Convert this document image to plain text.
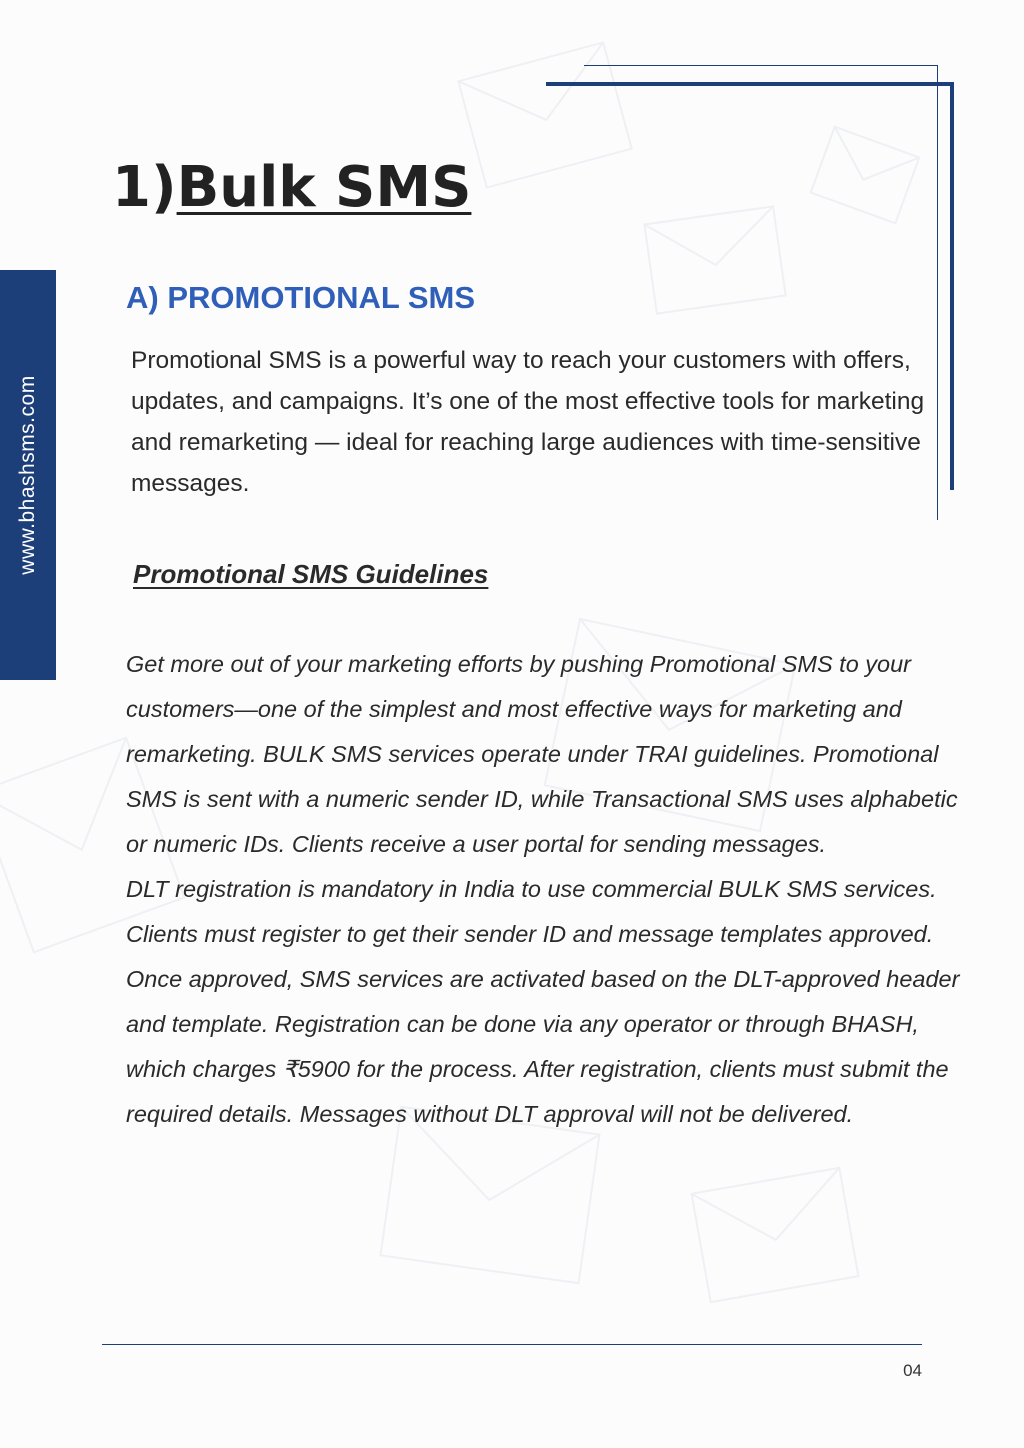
www.bhashsms.com
1)Bulk SMS
A) PROMOTIONAL SMS

Promotional SMS is a powerful way to reach your customers with offers, updates, and campaigns. It’s one of the most effective tools for marketing and remarketing — ideal for reaching large audiences with time-sensitive messages.

Promotional SMS Guidelines

Get more out of your marketing efforts by pushing Promotional SMS to your customers—one of the simplest and most effective ways for marketing and remarketing. BULK SMS services operate under TRAI guidelines. Promotional SMS is sent with a numeric sender ID, while Transactional SMS uses alphabetic or numeric IDs. Clients receive a user portal for sending messages.

DLT registration is mandatory in India to use commercial BULK SMS services. Clients must register to get their sender ID and message templates approved. Once approved, SMS services are activated based on the DLT-approved header and template. Registration can be done via any operator or through BHASH, which charges ₹5900 for the process. After registration, clients must submit the required details. Messages without DLT approval will not be delivered.

04
